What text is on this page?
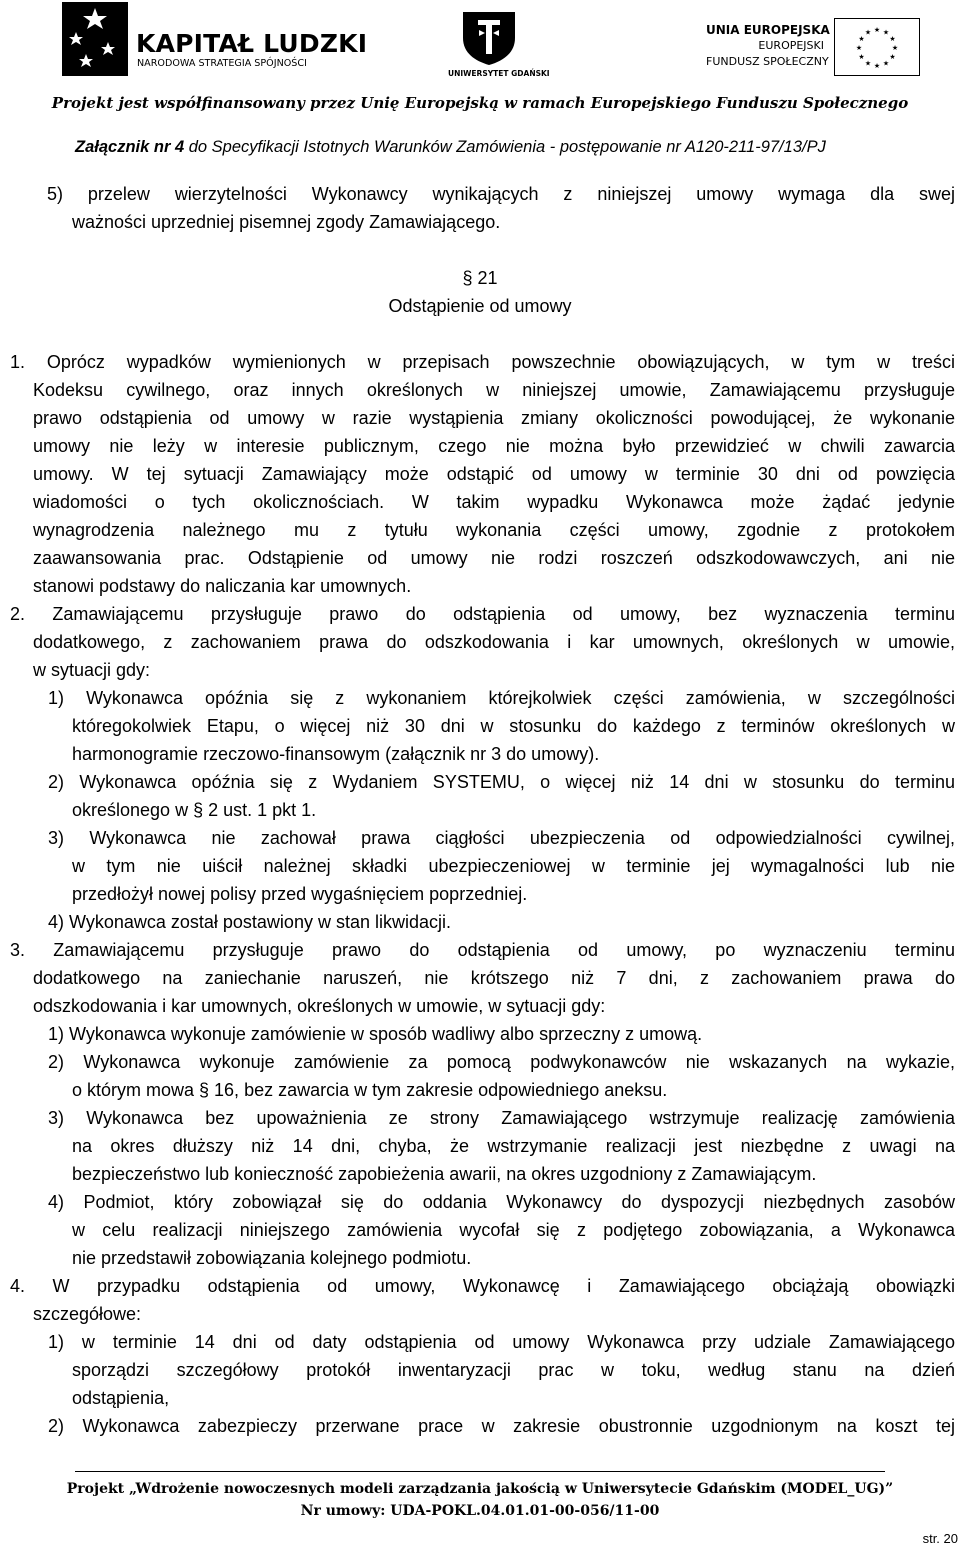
KAPITAŁ LUDZKI
NARODOWA STRATEGIA SPÓJNOŚCI
UNIWERSYTET GDAŃSKI
UNIA EUROPEJSKA
EUROPEJSKI
FUNDUSZ SPOŁECZNY
★ ★
★
★
★
★
★
★
★
★
★
★
Projekt jest współfinansowany przez Unię Europejską w ramach Europejskiego Funduszu Społecznego
Załącznik nr 4 do Specyfikacji Istotnych Warunków Zamówienia - postępowanie nr A120-211-97/13/PJ
5) przelew wierzytelności Wykonawcy wynikających z niniejszej umowy wymaga dla swej
ważności uprzedniej pisemnej zgody Zamawiającego.
§ 21
Odstąpienie od umowy
1. Oprócz wypadków wymienionych w przepisach powszechnie obowiązujących, w tym w treści
Kodeksu cywilnego, oraz innych określonych w niniejszej umowie, Zamawiającemu przysługuje
prawo odstąpienia od umowy w razie wystąpienia zmiany okoliczności powodującej, że wykonanie
umowy nie leży w interesie publicznym, czego nie można było przewidzieć w chwili zawarcia
umowy. W tej sytuacji Zamawiający może odstąpić od umowy w terminie 30 dni od powzięcia
wiadomości o tych okolicznościach. W takim wypadku Wykonawca może żądać jedynie
wynagrodzenia należnego mu z tytułu wykonania części umowy, zgodnie z protokołem
zaawansowania prac. Odstąpienie od umowy nie rodzi roszczeń odszkodowawczych, ani nie
stanowi podstawy do naliczania kar umownych.
2. Zamawiającemu przysługuje prawo do odstąpienia od umowy, bez wyznaczenia terminu
dodatkowego, z zachowaniem prawa do odszkodowania i kar umownych, określonych w umowie,
w sytuacji gdy:
1) Wykonawca opóźnia się z wykonaniem którejkolwiek części zamówienia, w szczególności
któregokolwiek Etapu, o więcej niż 30 dni w stosunku do każdego z terminów określonych w
harmonogramie rzeczowo-finansowym (załącznik nr 3 do umowy).
2) Wykonawca opóźnia się z Wydaniem SYSTEMU, o więcej niż 14 dni w stosunku do terminu
określonego w § 2 ust. 1 pkt 1.
3) Wykonawca nie zachował prawa ciągłości ubezpieczenia od odpowiedzialności cywilnej,
w tym nie uiścił należnej składki ubezpieczeniowej w terminie jej wymagalności lub nie
przedłożył nowej polisy przed wygaśnięciem poprzedniej.
4) Wykonawca został postawiony w stan likwidacji.
3. Zamawiającemu przysługuje prawo do odstąpienia od umowy, po wyznaczeniu terminu
dodatkowego na zaniechanie naruszeń, nie krótszego niż 7 dni, z zachowaniem prawa do
odszkodowania i kar umownych, określonych w umowie, w sytuacji gdy:
1) Wykonawca wykonuje zamówienie w sposób wadliwy albo sprzeczny z umową.
2) Wykonawca wykonuje zamówienie za pomocą podwykonawców nie wskazanych na wykazie,
o którym mowa § 16, bez zawarcia w tym zakresie odpowiedniego aneksu.
3) Wykonawca bez upoważnienia ze strony Zamawiającego wstrzymuje realizację zamówienia
na okres dłuższy niż 14 dni, chyba, że wstrzymanie realizacji jest niezbędne z uwagi na
bezpieczeństwo lub konieczność zapobieżenia awarii, na okres uzgodniony z Zamawiającym.
4) Podmiot, który zobowiązał się do oddania Wykonawcy do dyspozycji niezbędnych zasobów
w celu realizacji niniejszego zamówienia wycofał się z podjętego zobowiązania, a Wykonawca
nie przedstawił zobowiązania kolejnego podmiotu.
4. W przypadku odstąpienia od umowy, Wykonawcę i Zamawiającego obciążają obowiązki
szczegółowe:
1) w terminie 14 dni od daty odstąpienia od umowy Wykonawca przy udziale Zamawiającego
sporządzi szczegółowy protokół inwentaryzacji prac w toku, według stanu na dzień
odstąpienia,
2) Wykonawca zabezpieczy przerwane prace w zakresie obustronnie uzgodnionym na koszt tej
Projekt „Wdrożenie nowoczesnych modeli zarządzania jakością w Uniwersytecie Gdańskim (MODEL_UG)”
Nr umowy: UDA-POKL.04.01.01-00-056/11-00
str. 20
